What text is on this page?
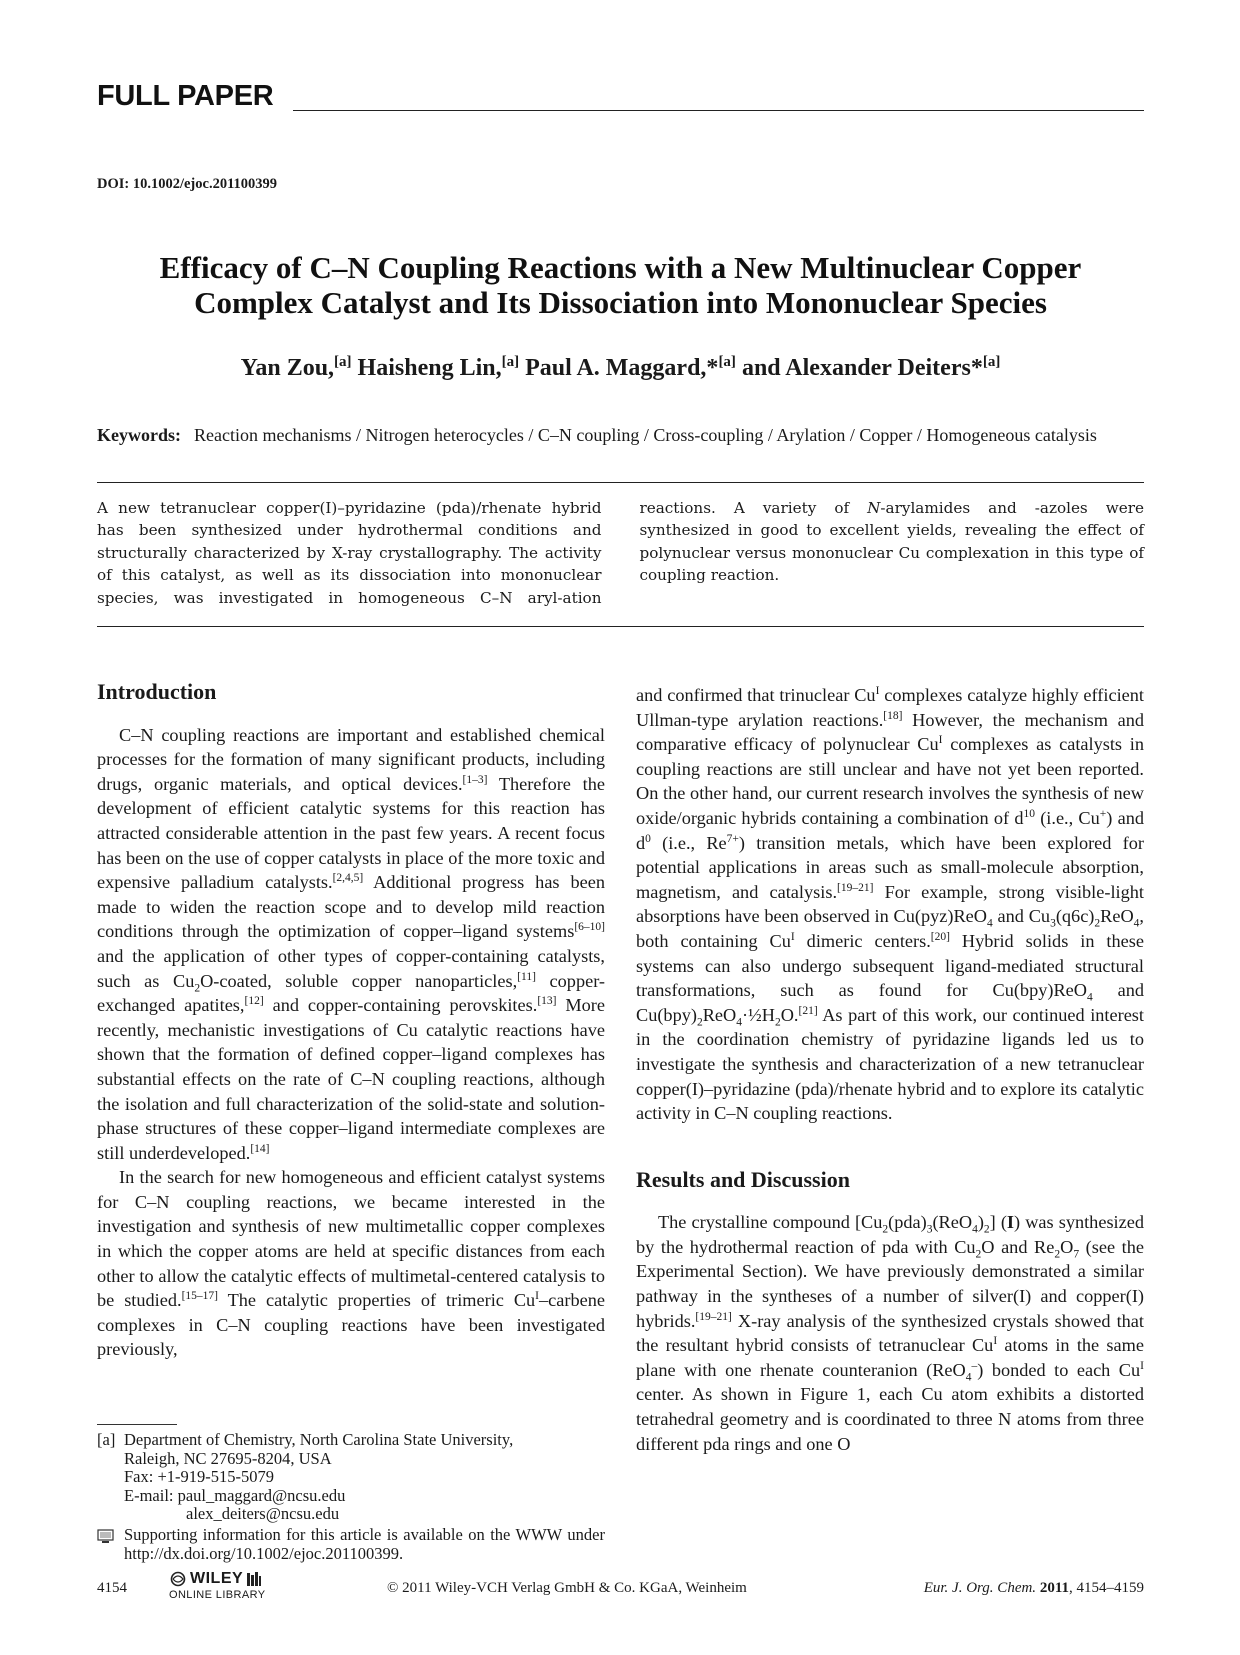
FULL PAPER
DOI: 10.1002/ejoc.201100399
Efficacy of C–N Coupling Reactions with a New Multinuclear Copper
Complex Catalyst and Its Dissociation into Mononuclear Species
Yan Zou,[a] Haisheng Lin,[a] Paul A. Maggard,*[a] and Alexander Deiters*[a]
Keywords: Reaction mechanisms / Nitrogen heterocycles / C–N coupling / Cross-coupling / Arylation / Copper / Homogeneous catalysis
A new tetranuclear copper(I)–pyridazine (pda)/rhenate hybrid has been synthesized under hydrothermal conditions and structurally characterized by X-ray crystallography. The activity of this catalyst, as well as its dissociation into mononuclear species, was investigated in homogeneous C–N aryl-ation reactions. A variety of N-arylamides and -azoles were synthesized in good to excellent yields, revealing the effect of polynuclear versus mononuclear Cu complexation in this type of coupling reaction.
Introduction

C–N coupling reactions are important and established chemical processes for the formation of many significant products, including drugs, organic materials, and optical devices.[1–3] Therefore the development of efficient catalytic systems for this reaction has attracted considerable attention in the past few years. A recent focus has been on the use of copper catalysts in place of the more toxic and expensive palladium catalysts.[2,4,5] Additional progress has been made to widen the reaction scope and to develop mild reaction conditions through the optimization of copper–ligand systems[6–10] and the application of other types of copper-containing catalysts, such as $Cu_2O$-coated, soluble copper nanoparticles,[11] copper-exchanged apatites,[12] and copper-containing perovskites.[13] More recently, mechanistic investigations of Cu catalytic reactions have shown that the formation of defined copper–ligand complexes has substantial effects on the rate of C–N coupling reactions, although the isolation and full characterization of the solid-state and solution-phase structures of these copper–ligand intermediate complexes are still underdeveloped.[14]

In the search for new homogeneous and efficient catalyst systems for C–N coupling reactions, we became interested in the investigation and synthesis of new multimetallic copper complexes in which the copper atoms are held at specific distances from each other to allow the catalytic effects of multimetal-centered catalysis to be studied.[15–17] The catalytic properties of trimeric $Cu^I$–carbene complexes in C–N coupling reactions have been investigated previously,

and confirmed that trinuclear $Cu^I$ complexes catalyze highly efficient Ullman-type arylation reactions.[18] However, the mechanism and comparative efficacy of polynuclear $Cu^I$ complexes as catalysts in coupling reactions are still unclear and have not yet been reported. On the other hand, our current research involves the synthesis of new oxide/organic hybrids containing a combination of $d^{10}$ (i.e., Cu+) and $d^0$ (i.e., $Re^{7+}$) transition metals, which have been explored for potential applications in areas such as small-molecule absorption, magnetism, and catalysis.[19–21] For example, strong visible-light absorptions have been observed in Cu(pyz)ReO$_4$ and $Cu_3(q6c)_2ReO_4$, both containing $Cu^I$ dimeric centers.[20] Hybrid solids in these systems can also undergo subsequent ligand-mediated structural transformations, such as found for Cu(bpy)ReO$_4$ and $Cu(bpy)_2ReO_4\cdot\frac{1}{2}H_2O.[21]$ As part of this work, our continued interest in the coordination chemistry of pyridazine ligands led us to investigate the synthesis and characterization of a new tetranuclear copper(I)–pyridazine (pda)/rhenate hybrid and to explore its catalytic activity in C–N coupling reactions.

Results and Discussion

The crystalline compound $[Cu_2(pda)_3(ReO_4)_2]$ (I) was synthesized by the hydrothermal reaction of pda with $Cu_2O$ and $Re_2O_7$ (see the Experimental Section). We have previously demonstrated a similar pathway in the syntheses of a number of silver(I) and copper(I) hybrids.[19–21] X-ray analysis of the synthesized crystals showed that the resultant hybrid consists of tetranuclear $Cu^I$ atoms in the same plane with one rhenate counteranion (ReO$_4$–) bonded to each $Cu^I$ center. As shown in Figure 1, each Cu atom exhibits a distorted tetrahedral geometry and is coordinated to three N atoms from three different pda rings and one O

[a] Department of Chemistry, North Carolina State University,
Raleigh, NC 27695-8204, USA
Fax: +1-919-515-5079
E-mail: paul_maggard@ncsu.edu
alex_deiters@ncsu.edu
Supporting information for this article is available on the WWW under http://dx.doi.org/10.1002/ejoc.201100399.
4154
WILEY
ONLINE LIBRARY	© 2011 Wiley-VCH Verlag GmbH & Co. KGaA, Weinheim	Eur. J. Org. Chem. 2011, 4154–4159
